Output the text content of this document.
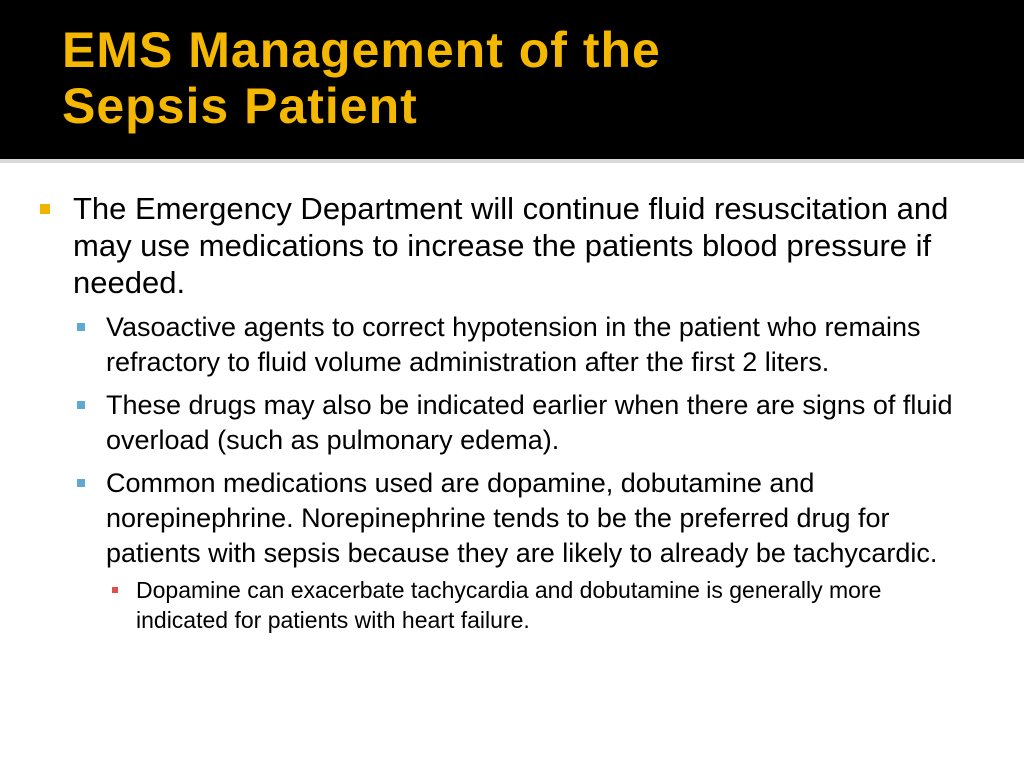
EMS Management of the
Sepsis Patient
The Emergency Department will continue fluid resuscitation and may use medications to increase the patients blood pressure if needed.
Vasoactive agents to correct hypotension in the patient who remains refractory to fluid volume administration after the first 2 liters.
These drugs may also be indicated earlier when there are signs of fluid overload (such as pulmonary edema).
Common medications used are dopamine, dobutamine and norepinephrine. Norepinephrine tends to be the preferred drug for patients with sepsis because they are likely to already be tachycardic.
Dopamine can exacerbate tachycardia and dobutamine is generally more indicated for patients with heart failure.
